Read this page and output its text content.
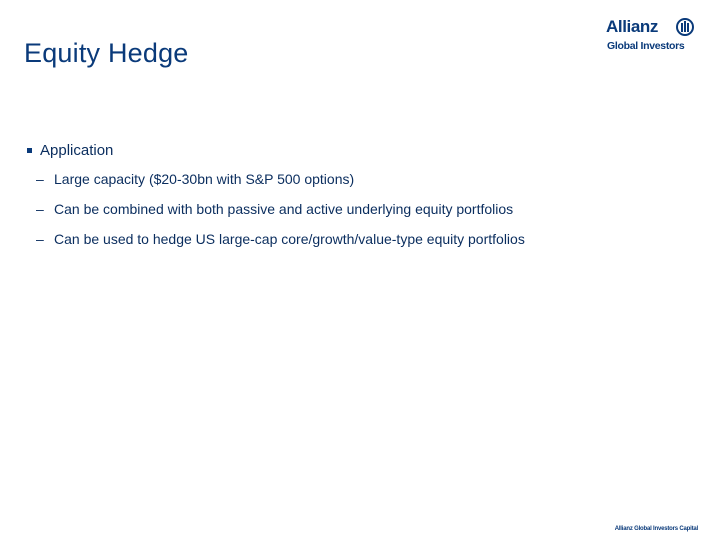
Equity Hedge
Allianz
Global Investors
Application
– Large capacity ($20-30bn with S&P 500 options)
– Can be combined with both passive and active underlying equity portfolios
– Can be used to hedge US large-cap core/growth/value-type equity portfolios
Allianz Global Investors Capital
